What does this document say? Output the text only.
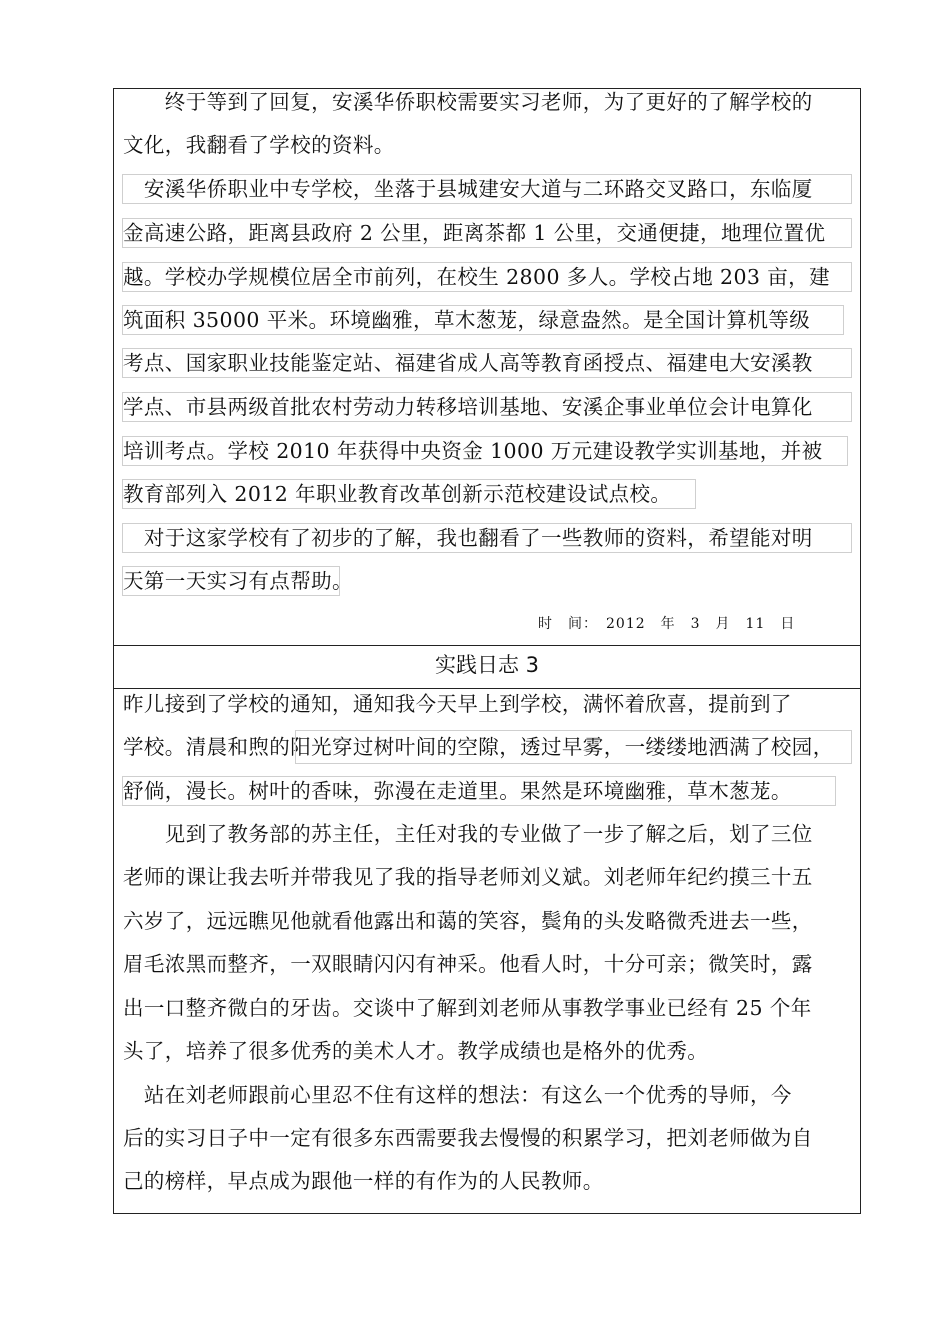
　　终于等到了回复，安溪华侨职校需要实习老师，为了更好的了解学校的
文化，我翻看了学校的资料。
　安溪华侨职业中专学校，坐落于县城建安大道与二环路交叉路口，东临厦
金高速公路，距离县政府 2 公里，距离茶都 1 公里，交通便捷，地理位置优
越。学校办学规模位居全市前列，在校生 2800 多人。学校占地 203 亩，建
筑面积 35000 平米。环境幽雅，草木葱茏，绿意盎然。是全国计算机等级
考点、国家职业技能鉴定站、福建省成人高等教育函授点、福建电大安溪教
学点、市县两级首批农村劳动力转移培训基地、安溪企事业单位会计电算化
培训考点。学校 2010 年获得中央资金 1000 万元建设教学实训基地，并被
教育部列入 2012 年职业教育改革创新示范校建设试点校。
　对于这家学校有了初步的了解，我也翻看了一些教师的资料，希望能对明
天第一天实习有点帮助。
时　间：　2012　年　3　月　11　日
实践日志 3
昨儿接到了学校的通知，通知我今天早上到学校，满怀着欣喜，提前到了
学校。清晨和煦的阳光穿过树叶间的空隙，透过早雾，一缕缕地洒满了校园，
舒倘，漫长。树叶的香味，弥漫在走道里。果然是环境幽雅，草木葱茏。
　　见到了教务部的苏主任，主任对我的专业做了一步了解之后，划了三位
老师的课让我去听并带我见了我的指导老师刘义斌。刘老师年纪约摸三十五
六岁了，远远瞧见他就看他露出和蔼的笑容，鬓角的头发略微秃进去一些，
眉毛浓黑而整齐，一双眼睛闪闪有神采。他看人时，十分可亲；微笑时，露
出一口整齐微白的牙齿。交谈中了解到刘老师从事教学事业已经有 25 个年
头了，培养了很多优秀的美术人才。教学成绩也是格外的优秀。
　站在刘老师跟前心里忍不住有这样的想法：有这么一个优秀的导师，今
后的实习日子中一定有很多东西需要我去慢慢的积累学习，把刘老师做为自
己的榜样，早点成为跟他一样的有作为的人民教师。
